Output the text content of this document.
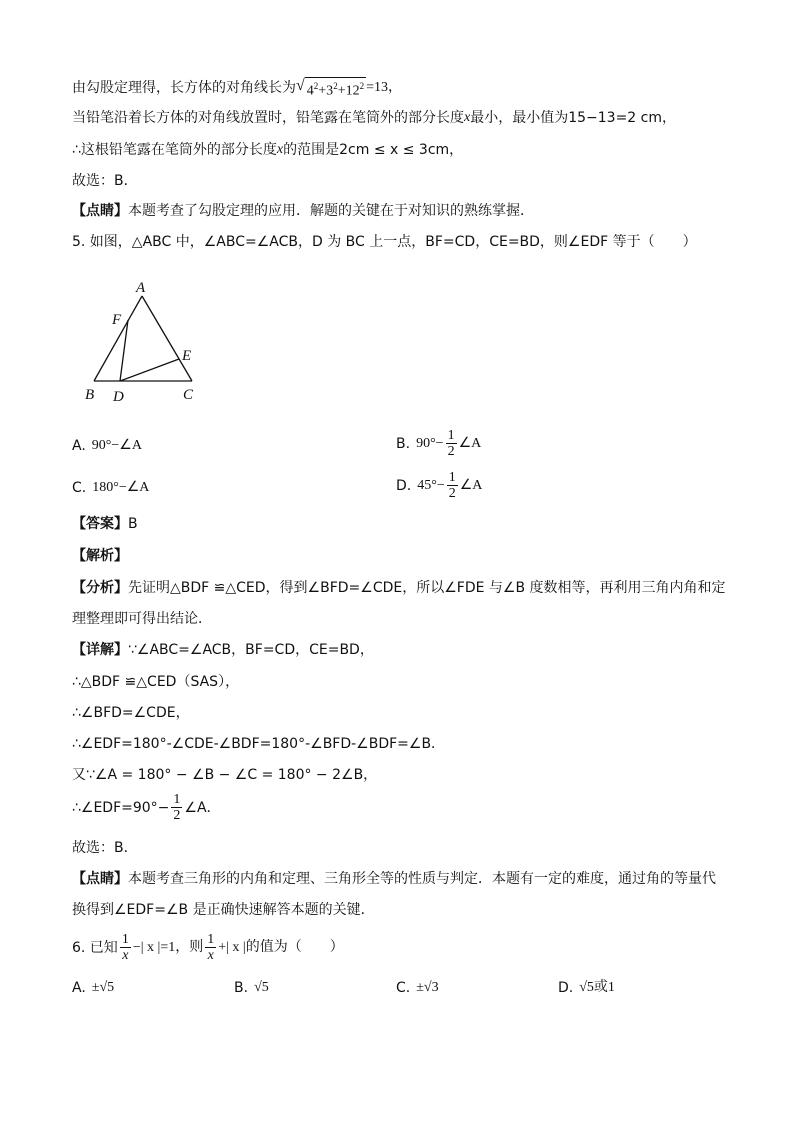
由勾股定理得，长方体的对角线长为 √ $4^2+3^2+12^2 =13$，
当铅笔沿着长方体的对角线放置时，铅笔露在笔筒外的部分长度 x 最小，最小值为15−13=2 cm，
∴这根铅笔露在笔筒外的部分长度 x 的范围是2cm ≤ x ≤ 3cm，
故选：B．
【点睛】 本题考查了勾股定理的应用．解题的关键在于对知识的熟练掌握．
5. 如图，△ABC 中，∠ABC=∠ACB，D 为 BC 上一点，BF=CD，CE=BD，则∠EDF 等于（　　）
A
F
E
B D	C
A. 90°−∠A	B. $90^\circ- \frac{1}{2}$ ∠A
C. 180°−∠A	D. $45^\circ- \frac{1}{2}$ ∠A
【答案】 B
【解析】
【分析】 先证明△BDF ≌△CED，得到∠BFD=∠CDE，所以∠FDE 与∠B 度数相等，再利用三角内角和定
理整理即可得出结论．
【详解】 ∵∠ABC=∠ACB，BF=CD，CE=BD，
∴△BDF ≌△CED（SAS），
∴∠BFD=∠CDE，
∴∠EDF=180°-∠CDE-∠BDF=180°-∠BFD-∠BDF=∠B．
又∵∠A = 180° − ∠B − ∠C = 180° − 2∠B，
∴∠EDF=90°− $\frac{1}{2}$ ∠A．
故选：B．
【点睛】 本题考查三角形的内角和定理、三角形全等的性质与判定．本题有一定的难度，通过角的等量代
换得到∠EDF=∠B 是正确快速解答本题的关键．
6. 已知 $\frac{1}{x}$ −| x |=1，则 $\frac{1}{x}$ +| x |的值为（　　）
A. ±√5	B. √5	C. ±√3	D. √5或1
